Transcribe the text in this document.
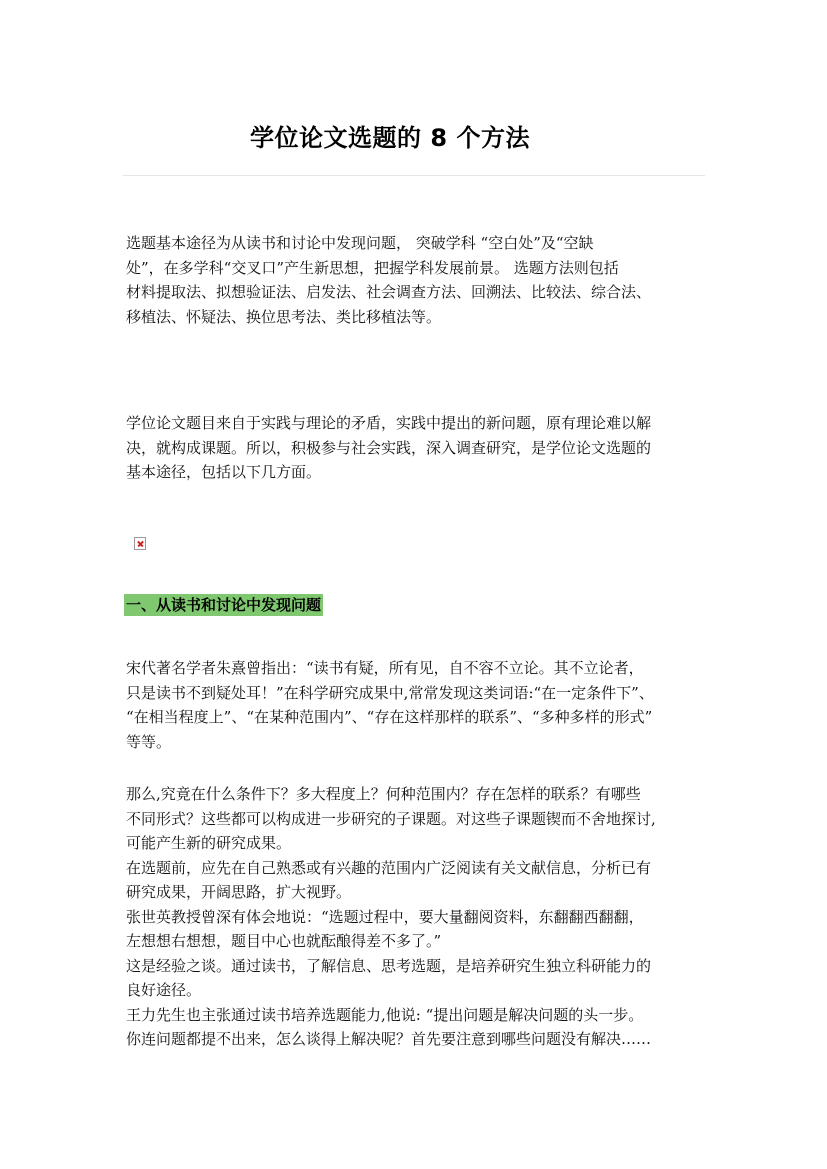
学位论文选题的 8 个方法
选题基本途径为从读书和讨论中发现问题， 突破学科 “空白处”及“空缺
处”，在多学科“交叉口”产生新思想，把握学科发展前景。 选题方法则包括
材料提取法、拟想验证法、启发法、社会调查方法、回溯法、比较法、综合法、
移植法、怀疑法、换位思考法、类比移植法等。
学位论文题目来自于实践与理论的矛盾，实践中提出的新问题，原有理论难以解
决，就构成课题。所以，积极参与社会实践，深入调查研究，是学位论文选题的
基本途径，包括以下几方面。
一、从读书和讨论中发现问题
宋代著名学者朱熹曾指出：“读书有疑，所有见，自不容不立论。其不立论者，
只是读书不到疑处耳！”在科学研究成果中,常常发现这类词语:“在一定条件下”、
“在相当程度上”、“在某种范围内”、“存在这样那样的联系”、“多种多样的形式”
等等。
那么,究竟在什么条件下？多大程度上？何种范围内？存在怎样的联系？有哪些
不同形式？这些都可以构成进一步研究的子课题。对这些子课题锲而不舍地探讨,
可能产生新的研究成果。
在选题前，应先在自己熟悉或有兴趣的范围内广泛阅读有关文献信息，分析已有
研究成果，开阔思路，扩大视野。
张世英教授曾深有体会地说：“选题过程中，要大量翻阅资料，东翻翻西翻翻，
左想想右想想，题目中心也就酝酿得差不多了。”
这是经验之谈。通过读书，了解信息、思考选题，是培养研究生独立科研能力的
良好途径。
王力先生也主张通过读书培养选题能力,他说: “提出问题是解决问题的头一步。
你连问题都提不出来，怎么谈得上解决呢？首先要注意到哪些问题没有解决……
